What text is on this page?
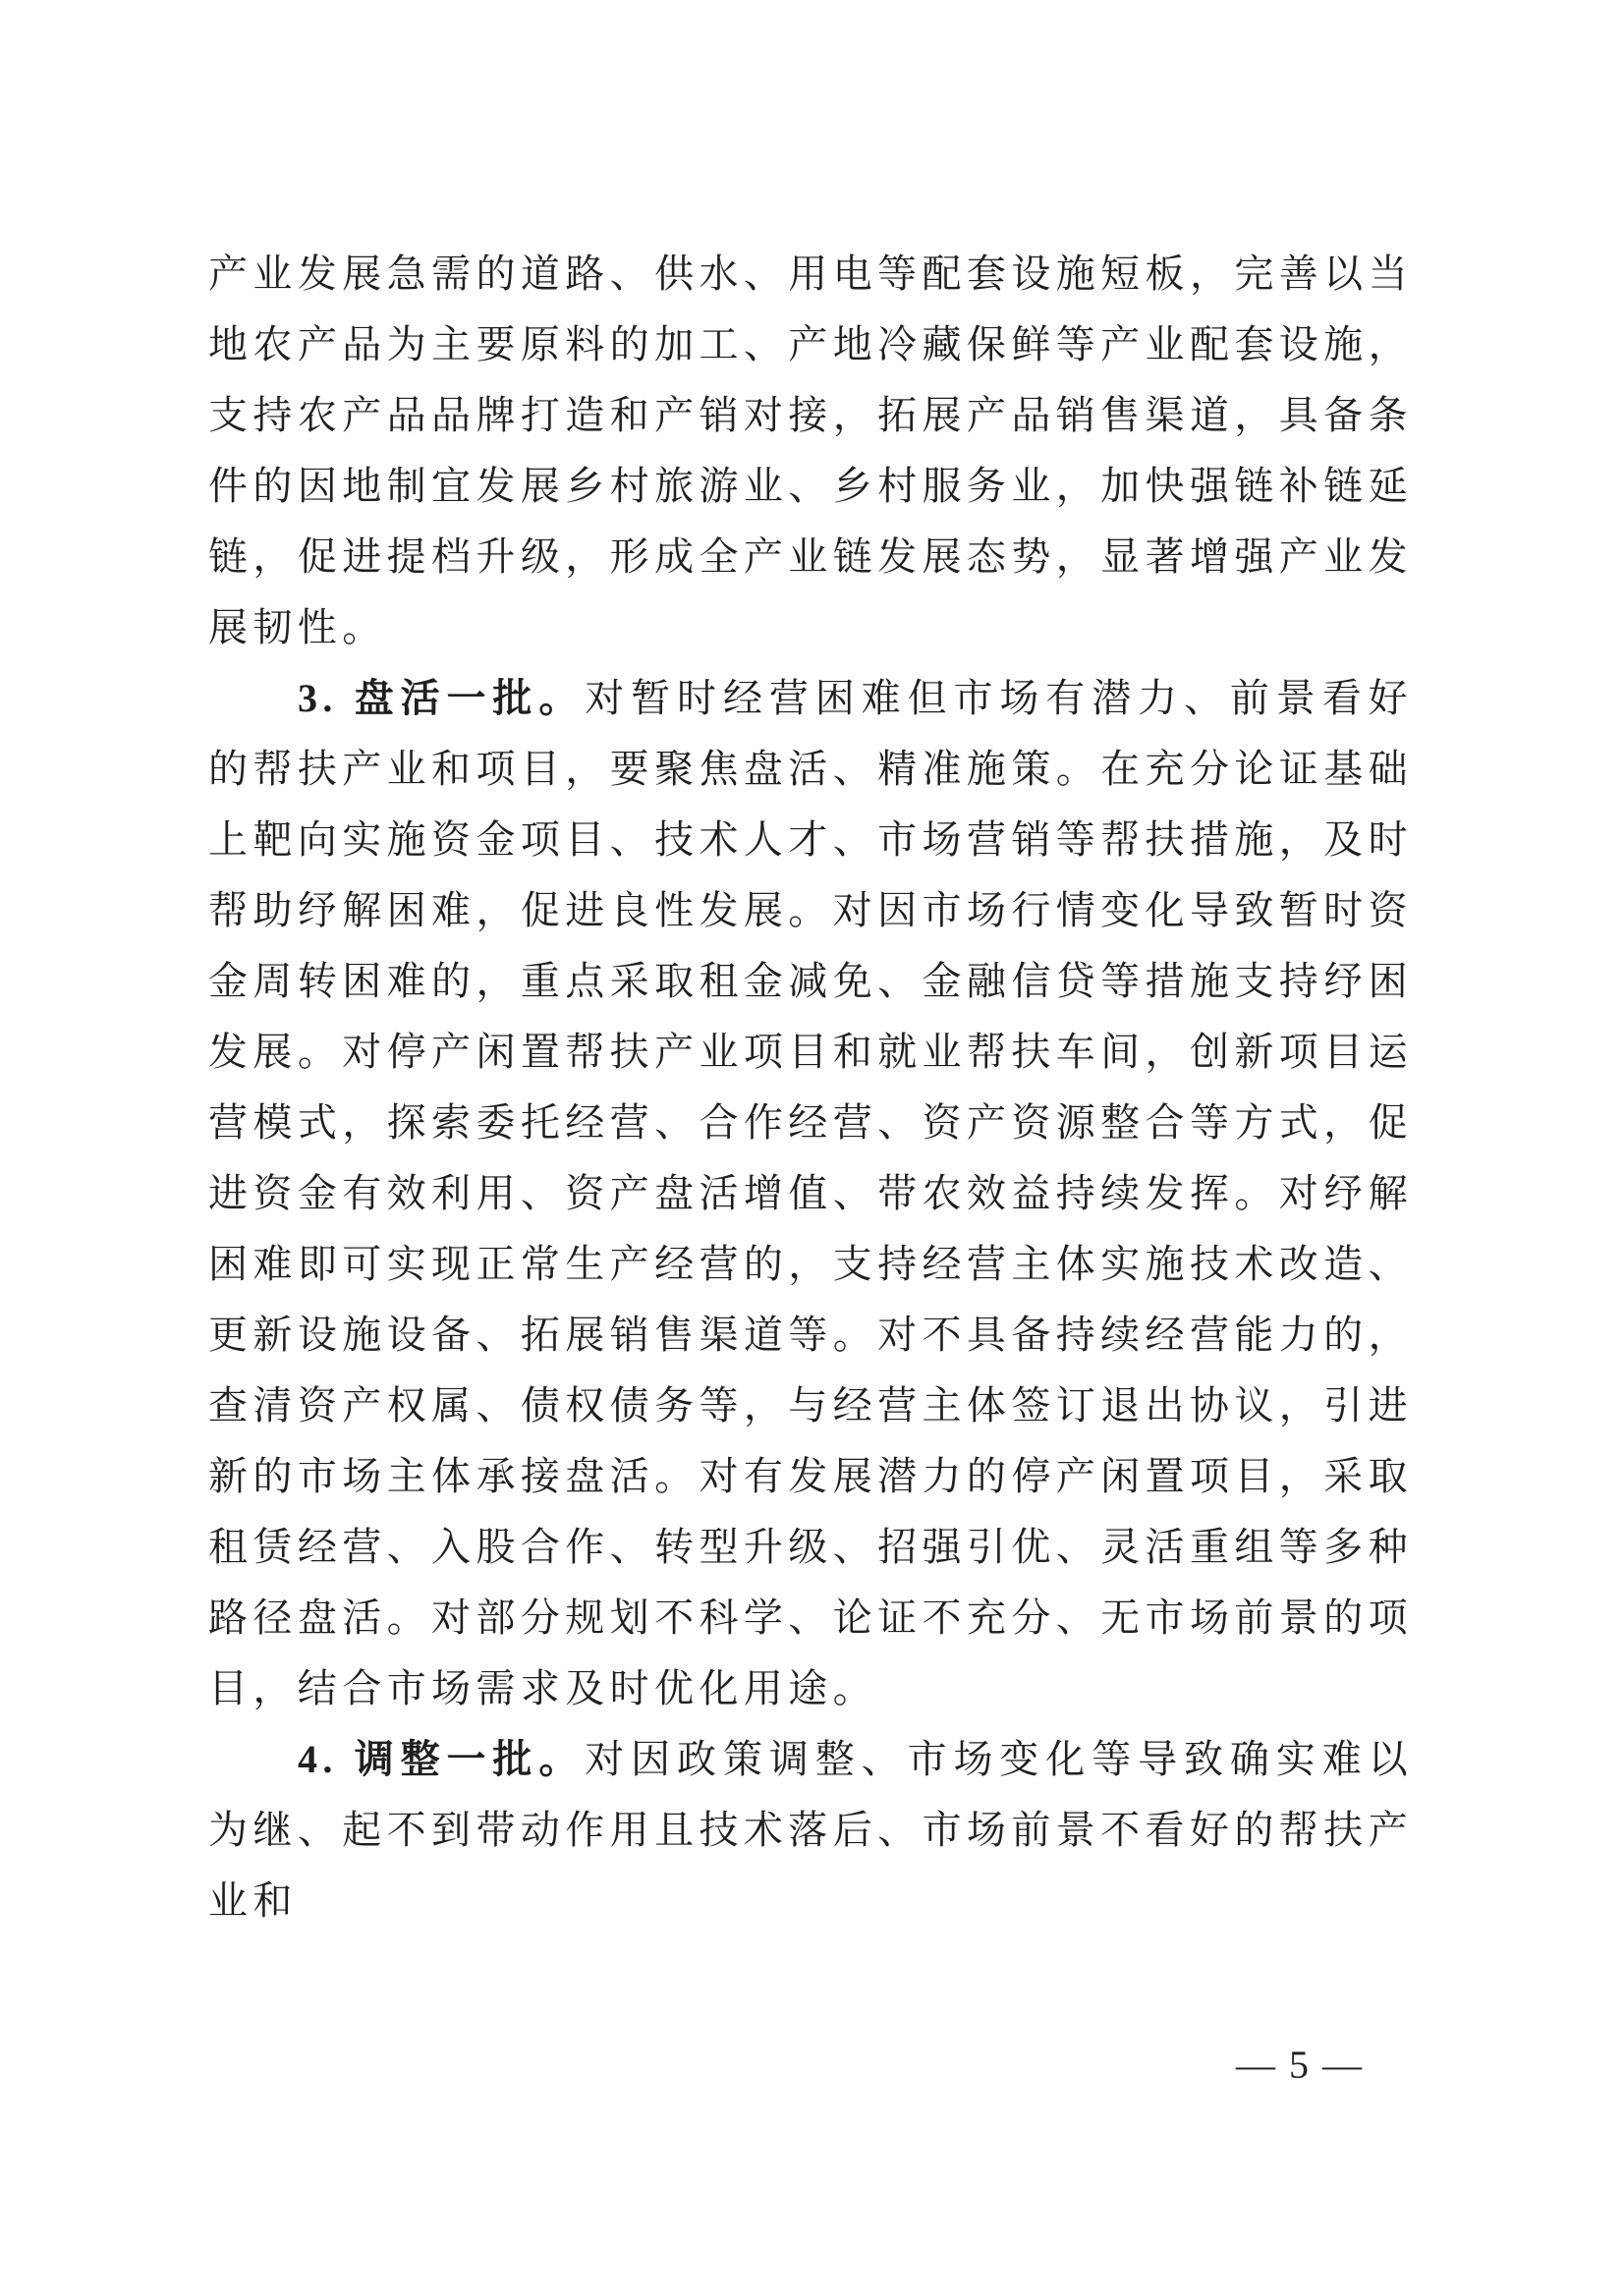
产业发展急需的道路、供水、用电等配套设施短板，完善以当地农产品为主要原料的加工、产地冷藏保鲜等产业配套设施，支持农产品品牌打造和产销对接，拓展产品销售渠道，具备条件的因地制宜发展乡村旅游业、乡村服务业，加快强链补链延链，促进提档升级，形成全产业链发展态势，显著增强产业发展韧性。

3. 盘活一批。对暂时经营困难但市场有潜力、前景看好的帮扶产业和项目，要聚焦盘活、精准施策。在充分论证基础上靶向实施资金项目、技术人才、市场营销等帮扶措施，及时帮助纾解困难，促进良性发展。对因市场行情变化导致暂时资金周转困难的，重点采取租金减免、金融信贷等措施支持纾困发展。对停产闲置帮扶产业项目和就业帮扶车间，创新项目运营模式，探索委托经营、合作经营、资产资源整合等方式，促进资金有效利用、资产盘活增值、带农效益持续发挥。对纾解困难即可实现正常生产经营的，支持经营主体实施技术改造、更新设施设备、拓展销售渠道等。对不具备持续经营能力的，查清资产权属、债权债务等，与经营主体签订退出协议，引进新的市场主体承接盘活。对有发展潜力的停产闲置项目，采取租赁经营、入股合作、转型升级、招强引优、灵活重组等多种路径盘活。对部分规划不科学、论证不充分、无市场前景的项目，结合市场需求及时优化用途。

4. 调整一批。对因政策调整、市场变化等导致确实难以为继、起不到带动作用且技术落后、市场前景不看好的帮扶产业和

— 5 —
